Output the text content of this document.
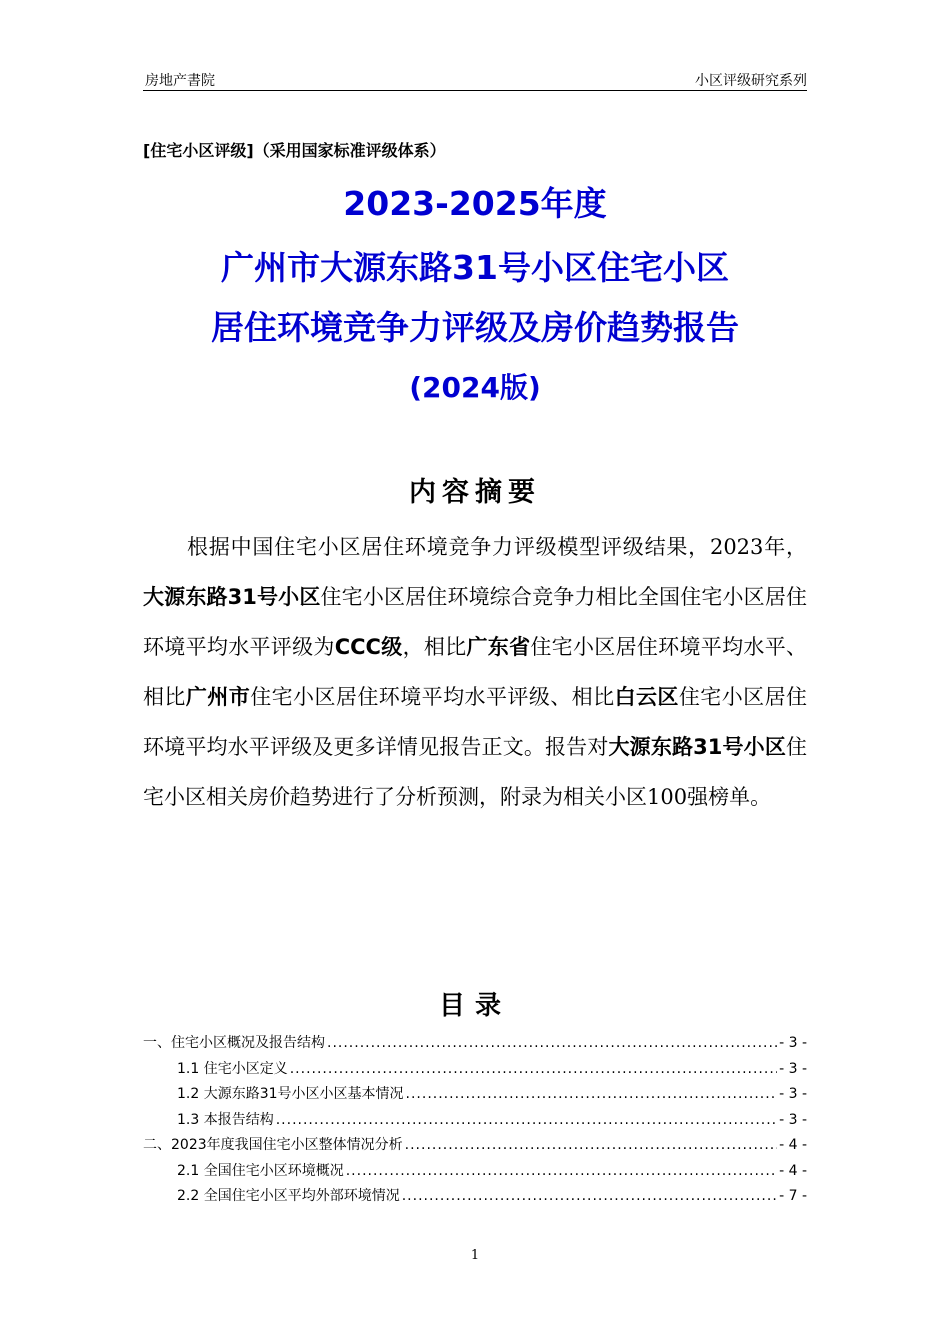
房地产書院	小区评级研究系列
[住宅小区评级]（采用国家标准评级体系）
2023-2025年度
广州市大源东路31号小区住宅小区
居住环境竞争力评级及房价趋势报告
(2024版)
内容摘要
根据中国住宅小区居住环境竞争力评级模型评级结果，2023年，大源东路31号小区住宅小区居住环境综合竞争力相比全国住宅小区居住环境平均水平评级为CCC级，相比广东省住宅小区居住环境平均水平、相比广州市住宅小区居住环境平均水平评级、相比白云区住宅小区居住环境平均水平评级及更多详情见报告正文。报告对大源东路31号小区住宅小区相关房价趋势进行了分析预测，附录为相关小区100强榜单。
目录
一、住宅小区概况及报告结构 .....	- 3 -
1.1 住宅小区定义 .....	- 3 -
1.2 大源东路31号小区小区基本情况 .....	- 3 -
1.3 本报告结构 .....	- 3 -
二、2023年度我国住宅小区整体情况分析 .....	- 4 -
2.1 全国住宅小区环境概况 .....	- 4 -
2.2 全国住宅小区平均外部环境情况 .....	- 7 -
1
